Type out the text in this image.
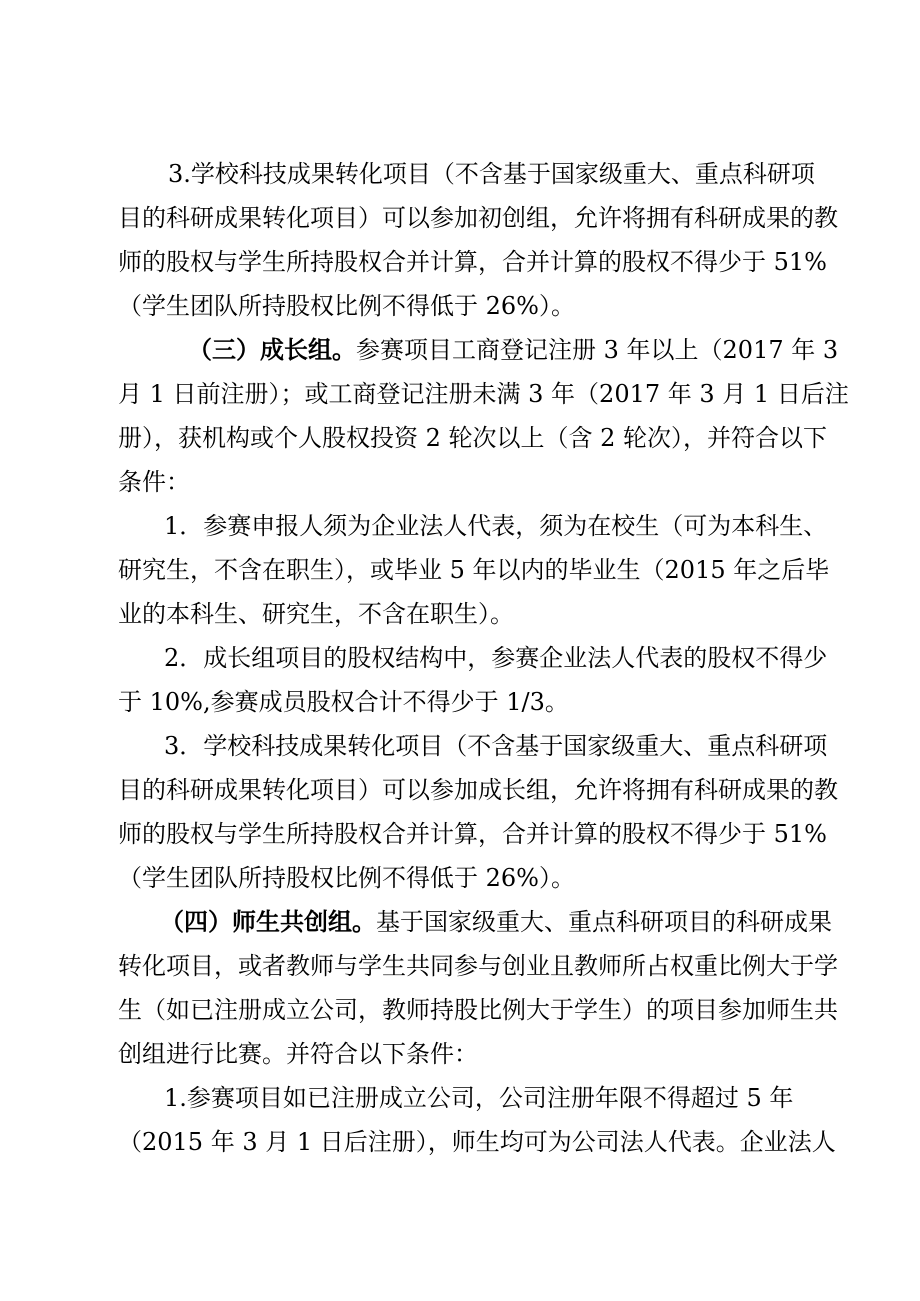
3.学校科技成果转化项目（不含基于国家级重大、重点科研项
目的科研成果转化项目）可以参加初创组，允许将拥有科研成果的教
师的股权与学生所持股权合并计算，合并计算的股权不得少于 51%
（学生团队所持股权比例不得低于 26%）。
（三）成长组。参赛项目工商登记注册 3 年以上（2017 年 3
月 1 日前注册）；或工商登记注册未满 3 年（2017 年 3 月 1 日后注
册），获机构或个人股权投资 2 轮次以上（含 2 轮次），并符合以下
条件：
1．参赛申报人须为企业法人代表，须为在校生（可为本科生、
研究生，不含在职生），或毕业 5 年以内的毕业生（2015 年之后毕
业的本科生、研究生，不含在职生）。
2．成长组项目的股权结构中，参赛企业法人代表的股权不得少
于 10%,参赛成员股权合计不得少于 1/3。
3．学校科技成果转化项目（不含基于国家级重大、重点科研项
目的科研成果转化项目）可以参加成长组，允许将拥有科研成果的教
师的股权与学生所持股权合并计算，合并计算的股权不得少于 51%
（学生团队所持股权比例不得低于 26%）。
（四）师生共创组。基于国家级重大、重点科研项目的科研成果
转化项目，或者教师与学生共同参与创业且教师所占权重比例大于学
生（如已注册成立公司，教师持股比例大于学生）的项目参加师生共
创组进行比赛。并符合以下条件：
1.参赛项目如已注册成立公司，公司注册年限不得超过 5 年
（2015 年 3 月 1 日后注册），师生均可为公司法人代表。企业法人
